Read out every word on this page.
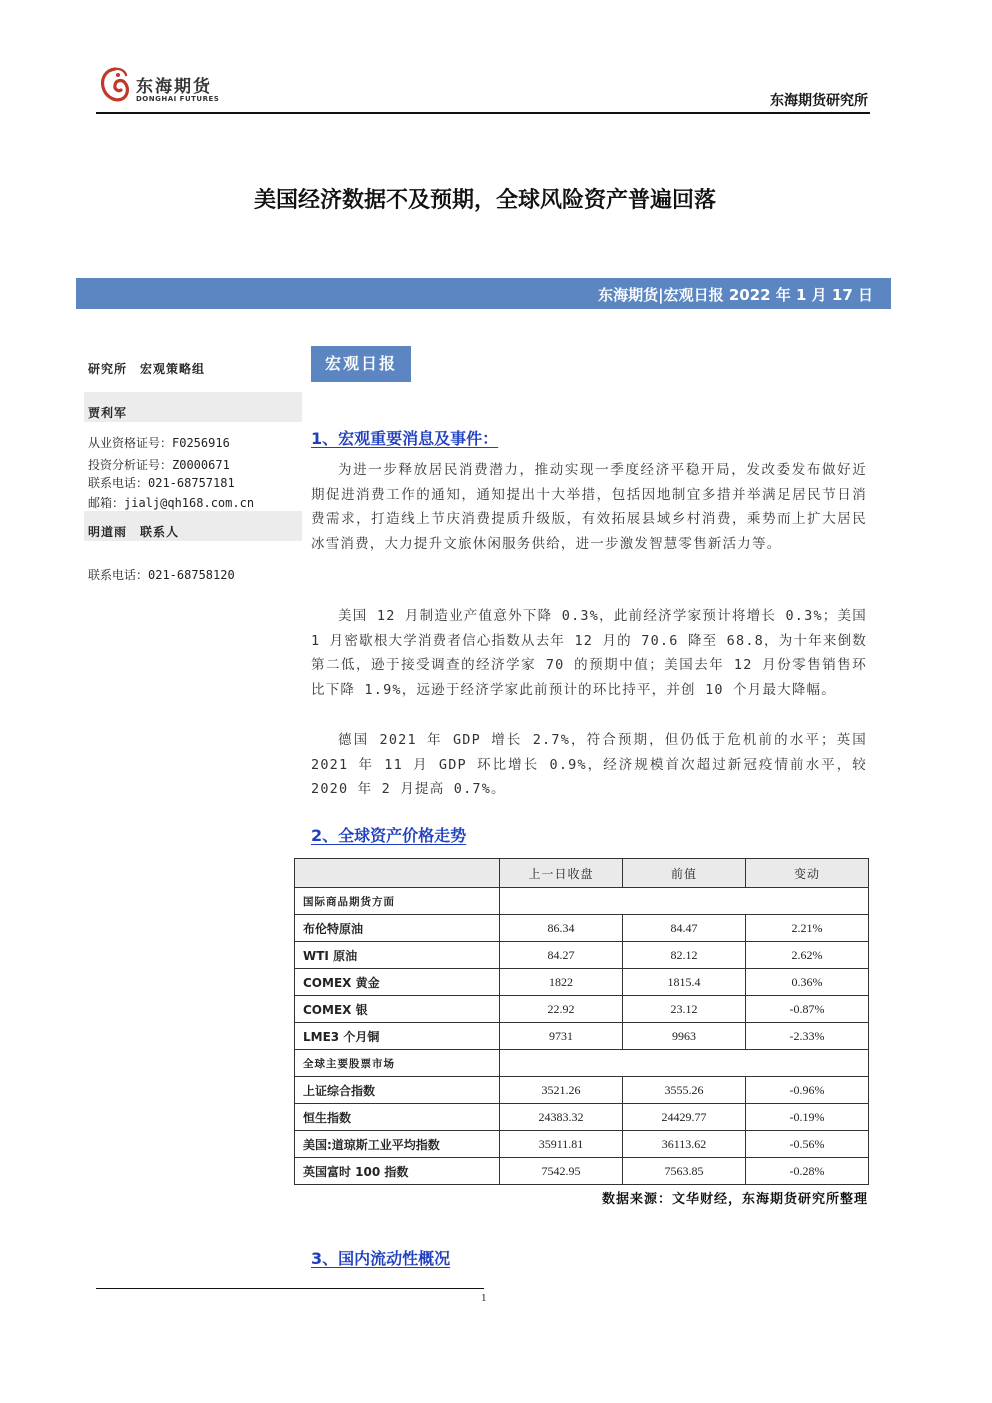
东海期货
DONGHAI FUTURES	东海期货研究所
美国经济数据不及预期，全球风险资产普遍回落
东海期货|宏观日报 2022 年 1 月 17 日
研究所　宏观策略组
贾利军
从业资格证号：F0256916
投资分析证号：Z0000671
联系电话：021-68757181
邮箱：jialj@qh168.com.cn
明道雨　联系人
联系电话：021-68758120
宏观日报
1、宏观重要消息及事件：

为进一步释放居民消费潜力，推动实现一季度经济平稳开局，发改委发布做好近期促进消费工作的通知，通知提出十大举措，包括因地制宜多措并举满足居民节日消费需求，打造线上节庆消费提质升级版，有效拓展县域乡村消费，乘势而上扩大居民冰雪消费，大力提升文旅休闲服务供给，进一步激发智慧零售新活力等。

美国 12 月制造业产值意外下降 0.3%，此前经济学家预计将增长 0.3%；美国 1 月密歇根大学消费者信心指数从去年 12 月的 70.6 降至 68.8，为十年来倒数第二低，逊于接受调查的经济学家 70 的预期中值；美国去年 12 月份零售销售环比下降 1.9%，远逊于经济学家此前预计的环比持平，并创 10 个月最大降幅。

德国 2021 年 GDP 增长 2.7%，符合预期，但仍低于危机前的水平；英国 2021 年 11 月 GDP 环比增长 0.9%，经济规模首次超过新冠疫情前水平，较 2020 年 2 月提高 0.7%。

2、全球资产价格走势
	上一日收盘	前值	变动
国际商品期货方面			
布伦特原油	86.34	84.47	2.21%
WTI 原油	84.27	82.12	2.62%
COMEX 黄金	1822	1815.4	0.36%
COMEX 银	22.92	23.12	-0.87%
LME3 个月铜	9731	9963	-2.33%
全球主要股票市场			
上证综合指数	3521.26	3555.26	-0.96%
恒生指数	24383.32	24429.77	-0.19%
美国:道琼斯工业平均指数	35911.81	36113.62	-0.56%
英国富时 100 指数	7542.95	7563.85	-0.28%
数据来源：文华财经，东海期货研究所整理
3、国内流动性概况
1
